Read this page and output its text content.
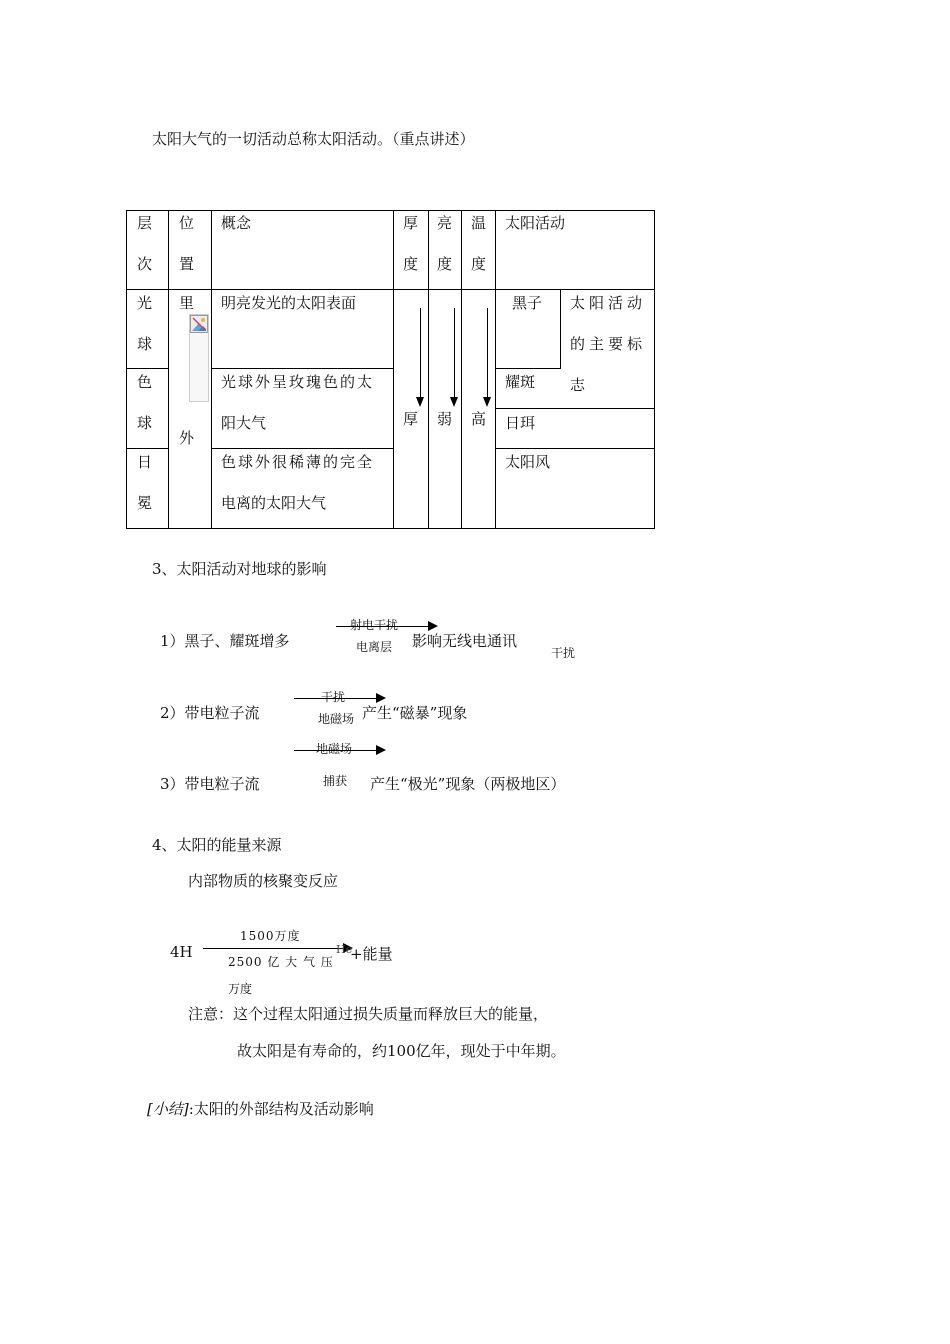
太阳大气的一切活动总称太阳活动。（重点讲述）
层
次
位
置
概念	厚
度
亮
度
温
度
太阳活动
光
球
明亮发光的太阳表面
色
球
光球外呈玫瑰色的太
阳大气
日
冕
色球外很稀薄的完全
电离的太阳大气
里
外
厚 弱 高
黑子 太阳活动
的主要标
志
耀斑
日珥
太阳风
3、太阳活动对地球的影响
1）黑子、耀斑增多
射电干扰
电离层 影响无线电通讯
干扰
2）带电粒子流
干扰
地磁场 产生“磁暴”现象
地磁场
3）带电粒子流	捕获 产生“极光”现象（两极地区）
4、太阳的能量来源
内部物质的核聚变反应
4H
1500万度
He
+能量
2500 亿 大 气 压
万度
注意：这个过程太阳通过损失质量而释放巨大的能量，
故太阳是有寿命的，约100亿年，现处于中年期。
[小结]:太阳的外部结构及活动影响
